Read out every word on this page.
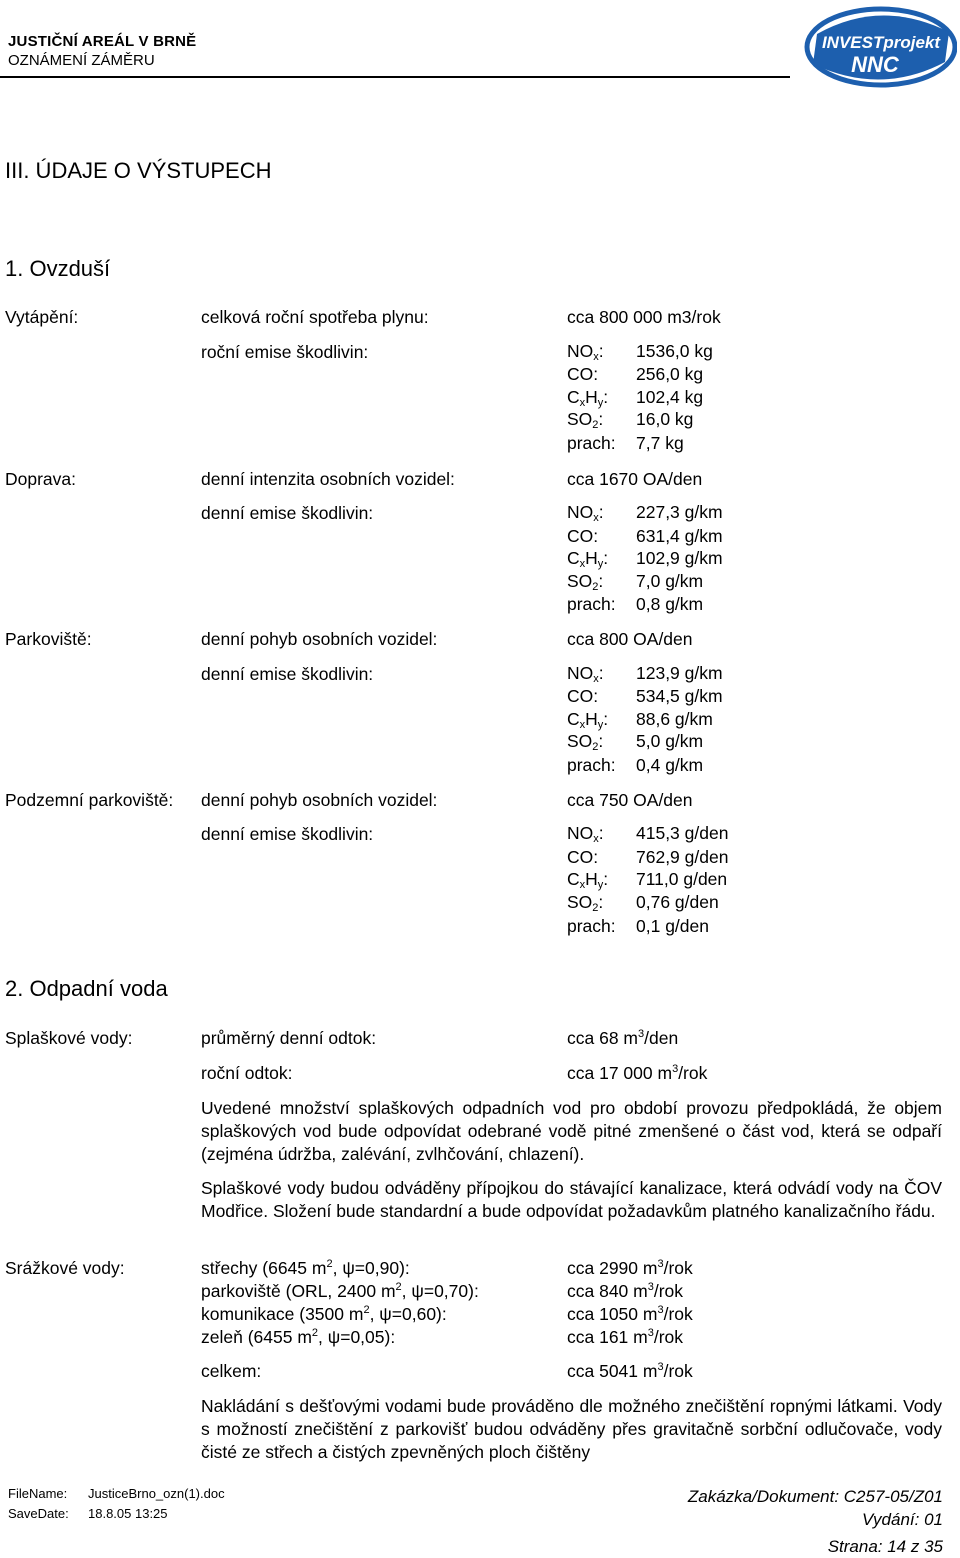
JUSTIČNÍ AREÁL V BRNĚ
OZNÁMENÍ ZÁMĚRU
INVESTprojekt
NNC
III. ÚDAJE O VÝSTUPECH
1. Ovzduší
Vytápění:	celková roční spotřeba plynu:	cca 800 000 m3/rok
roční emise škodlivin:	$NO_x$: 1536,0 kg
CO: 256,0 kg
$C_xH_y$: 102,4 kg
$SO_2$: 16,0 kg
prach: 7,7 kg
Doprava:	denní intenzita osobních vozidel:	cca 1670 OA/den
denní emise škodlivin:	$NO_x$: 227,3 g/km
CO: 631,4 g/km
$C_xH_y$: 102,9 g/km
$SO_2$: 7,0 g/km
prach: 0,8 g/km
Parkoviště:	denní pohyb osobních vozidel:	cca 800 OA/den
denní emise škodlivin:	$NO_x$: 123,9 g/km
CO: 534,5 g/km
$C_xH_y$: 88,6 g/km
$SO_2$: 5,0 g/km
prach: 0,4 g/km
Podzemní parkoviště: denní pohyb osobních vozidel:	cca 750 OA/den
denní emise škodlivin:	$NO_x$: 415,3 g/den
CO: 762,9 g/den
$C_xH_y$: 711,0 g/den
$SO_2$: 0,76 g/den
prach: 0,1 g/den
2. Odpadní voda
Splaškové vody:	průměrný denní odtok:	cca 68 $m^3$/den
roční odtok:	cca 17 000 $m^3$/rok
Uvedené množství splaškových odpadních vod pro období provozu předpokládá, že objem splaškových vod bude odpovídat odebrané vodě pitné zmenšené o část vod, která se odpaří (zejména údržba, zalévání, zvlhčování, chlazení).
Splaškové vody budou odváděny přípojkou do stávající kanalizace, která odvádí vody na ČOV Modřice. Složení bude standardní a bude odpovídat požadavkům platného kanalizačního řádu.
Srážkové vody:	střechy (6645 $m^2$, ψ=0,90):	cca 2990 $m^3$/rok
parkoviště (ORL, 2400 $m^2$, ψ=0,70):	cca 840 $m^3$/rok
komunikace (3500 $m^2$, ψ=0,60):	cca 1050 $m^3$/rok
zeleň (6455 $m^2$, ψ=0,05):	cca 161 $m^3$/rok
celkem:	cca 5041 $m^3$/rok
Nakládání s dešťovými vodami bude prováděno dle možného znečištění ropnými látkami. Vody s možností znečištění z parkovišť budou odváděny přes gravitačně sorbční odlučovače, vody čisté ze střech a čistých zpevněných ploch čištěny
FileName: JusticeBrno_ozn(1).doc
SaveDate: 18.8.05 13:25
Zakázka/Dokument: C257-05/Z01
Vydání: 01
Strana: 14 z 35
